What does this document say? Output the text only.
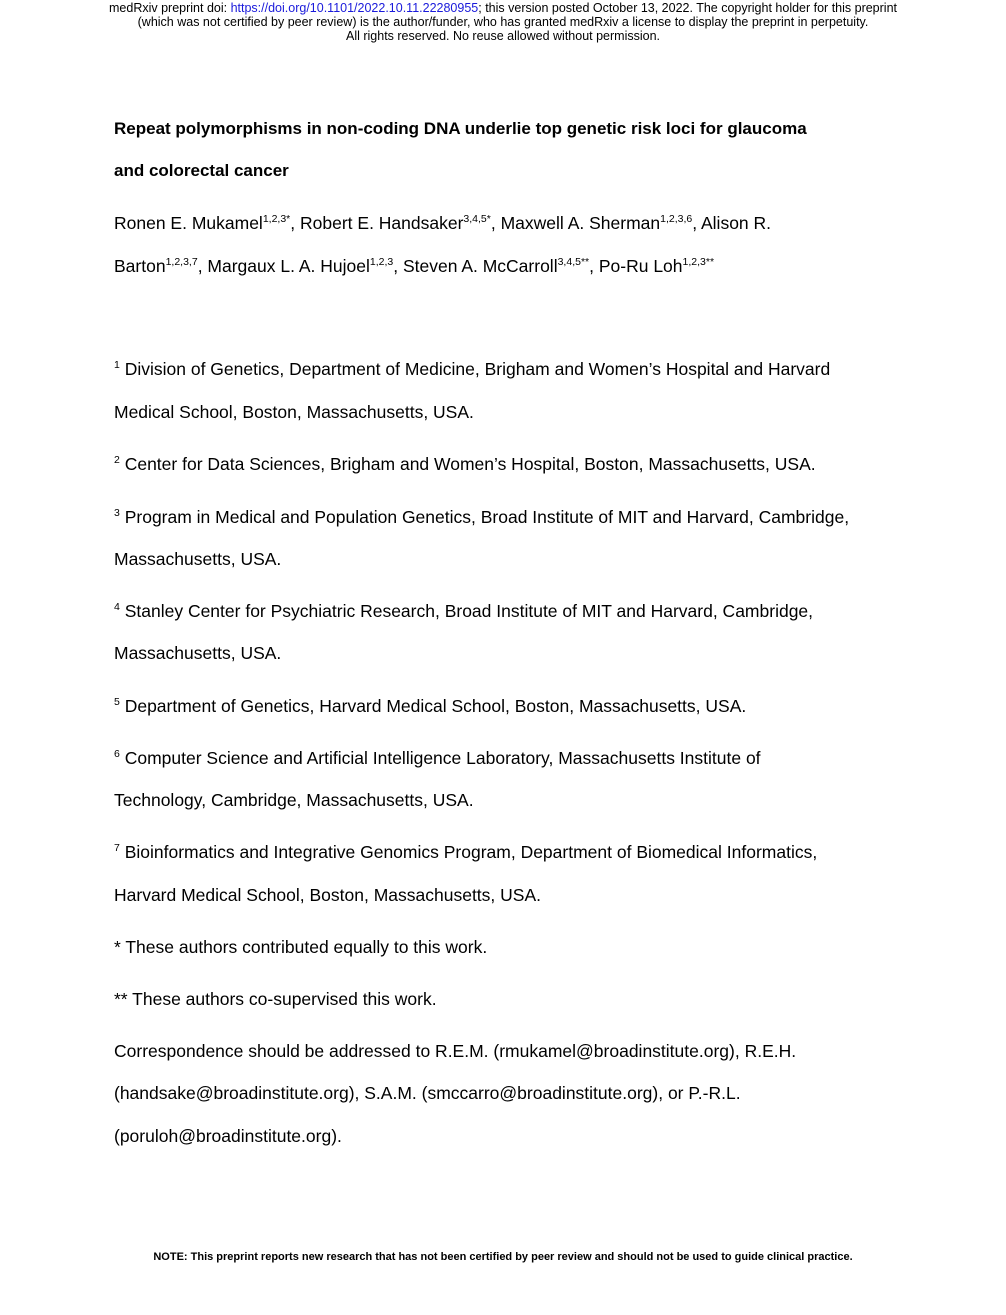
medRxiv preprint doi: https://doi.org/10.1101/2022.10.11.22280955; this version posted October 13, 2022. The copyright holder for this preprint
(which was not certified by peer review) is the author/funder, who has granted medRxiv a license to display the preprint in perpetuity.
All rights reserved. No reuse allowed without permission.
Repeat polymorphisms in non-coding DNA underlie top genetic risk loci for glaucoma
and colorectal cancer
Ronen E. Mukamel$^{1,2,3*}$, Robert E. Handsaker$^{3,4,5*}$, Maxwell A. Sherman$^{1,2,3,6}$, Alison R.
Barton$^{1,2,3,7}$, Margaux L. A. Hujoel$^{1,2,3}$, Steven A. McCarroll$^{3,4,5**}$, Po-Ru Loh$^{1,2,3**}$
$^1$ Division of Genetics, Department of Medicine, Brigham and Women’s Hospital and Harvard
Medical School, Boston, Massachusetts, USA.
$^2$ Center for Data Sciences, Brigham and Women’s Hospital, Boston, Massachusetts, USA.
$^3$ Program in Medical and Population Genetics, Broad Institute of MIT and Harvard, Cambridge,
Massachusetts, USA.
$^4$ Stanley Center for Psychiatric Research, Broad Institute of MIT and Harvard, Cambridge,
Massachusetts, USA.
$^5$ Department of Genetics, Harvard Medical School, Boston, Massachusetts, USA.
$^6$ Computer Science and Artificial Intelligence Laboratory, Massachusetts Institute of
Technology, Cambridge, Massachusetts, USA.
$^7$ Bioinformatics and Integrative Genomics Program, Department of Biomedical Informatics,
Harvard Medical School, Boston, Massachusetts, USA.
* These authors contributed equally to this work.
** These authors co-supervised this work.
Correspondence should be addressed to R.E.M. (rmukamel@broadinstitute.org), R.E.H.
(handsake@broadinstitute.org), S.A.M. (smccarro@broadinstitute.org), or P.-R.L.
(poruloh@broadinstitute.org).
NOTE: This preprint reports new research that has not been certified by peer review and should not be used to guide clinical practice.
